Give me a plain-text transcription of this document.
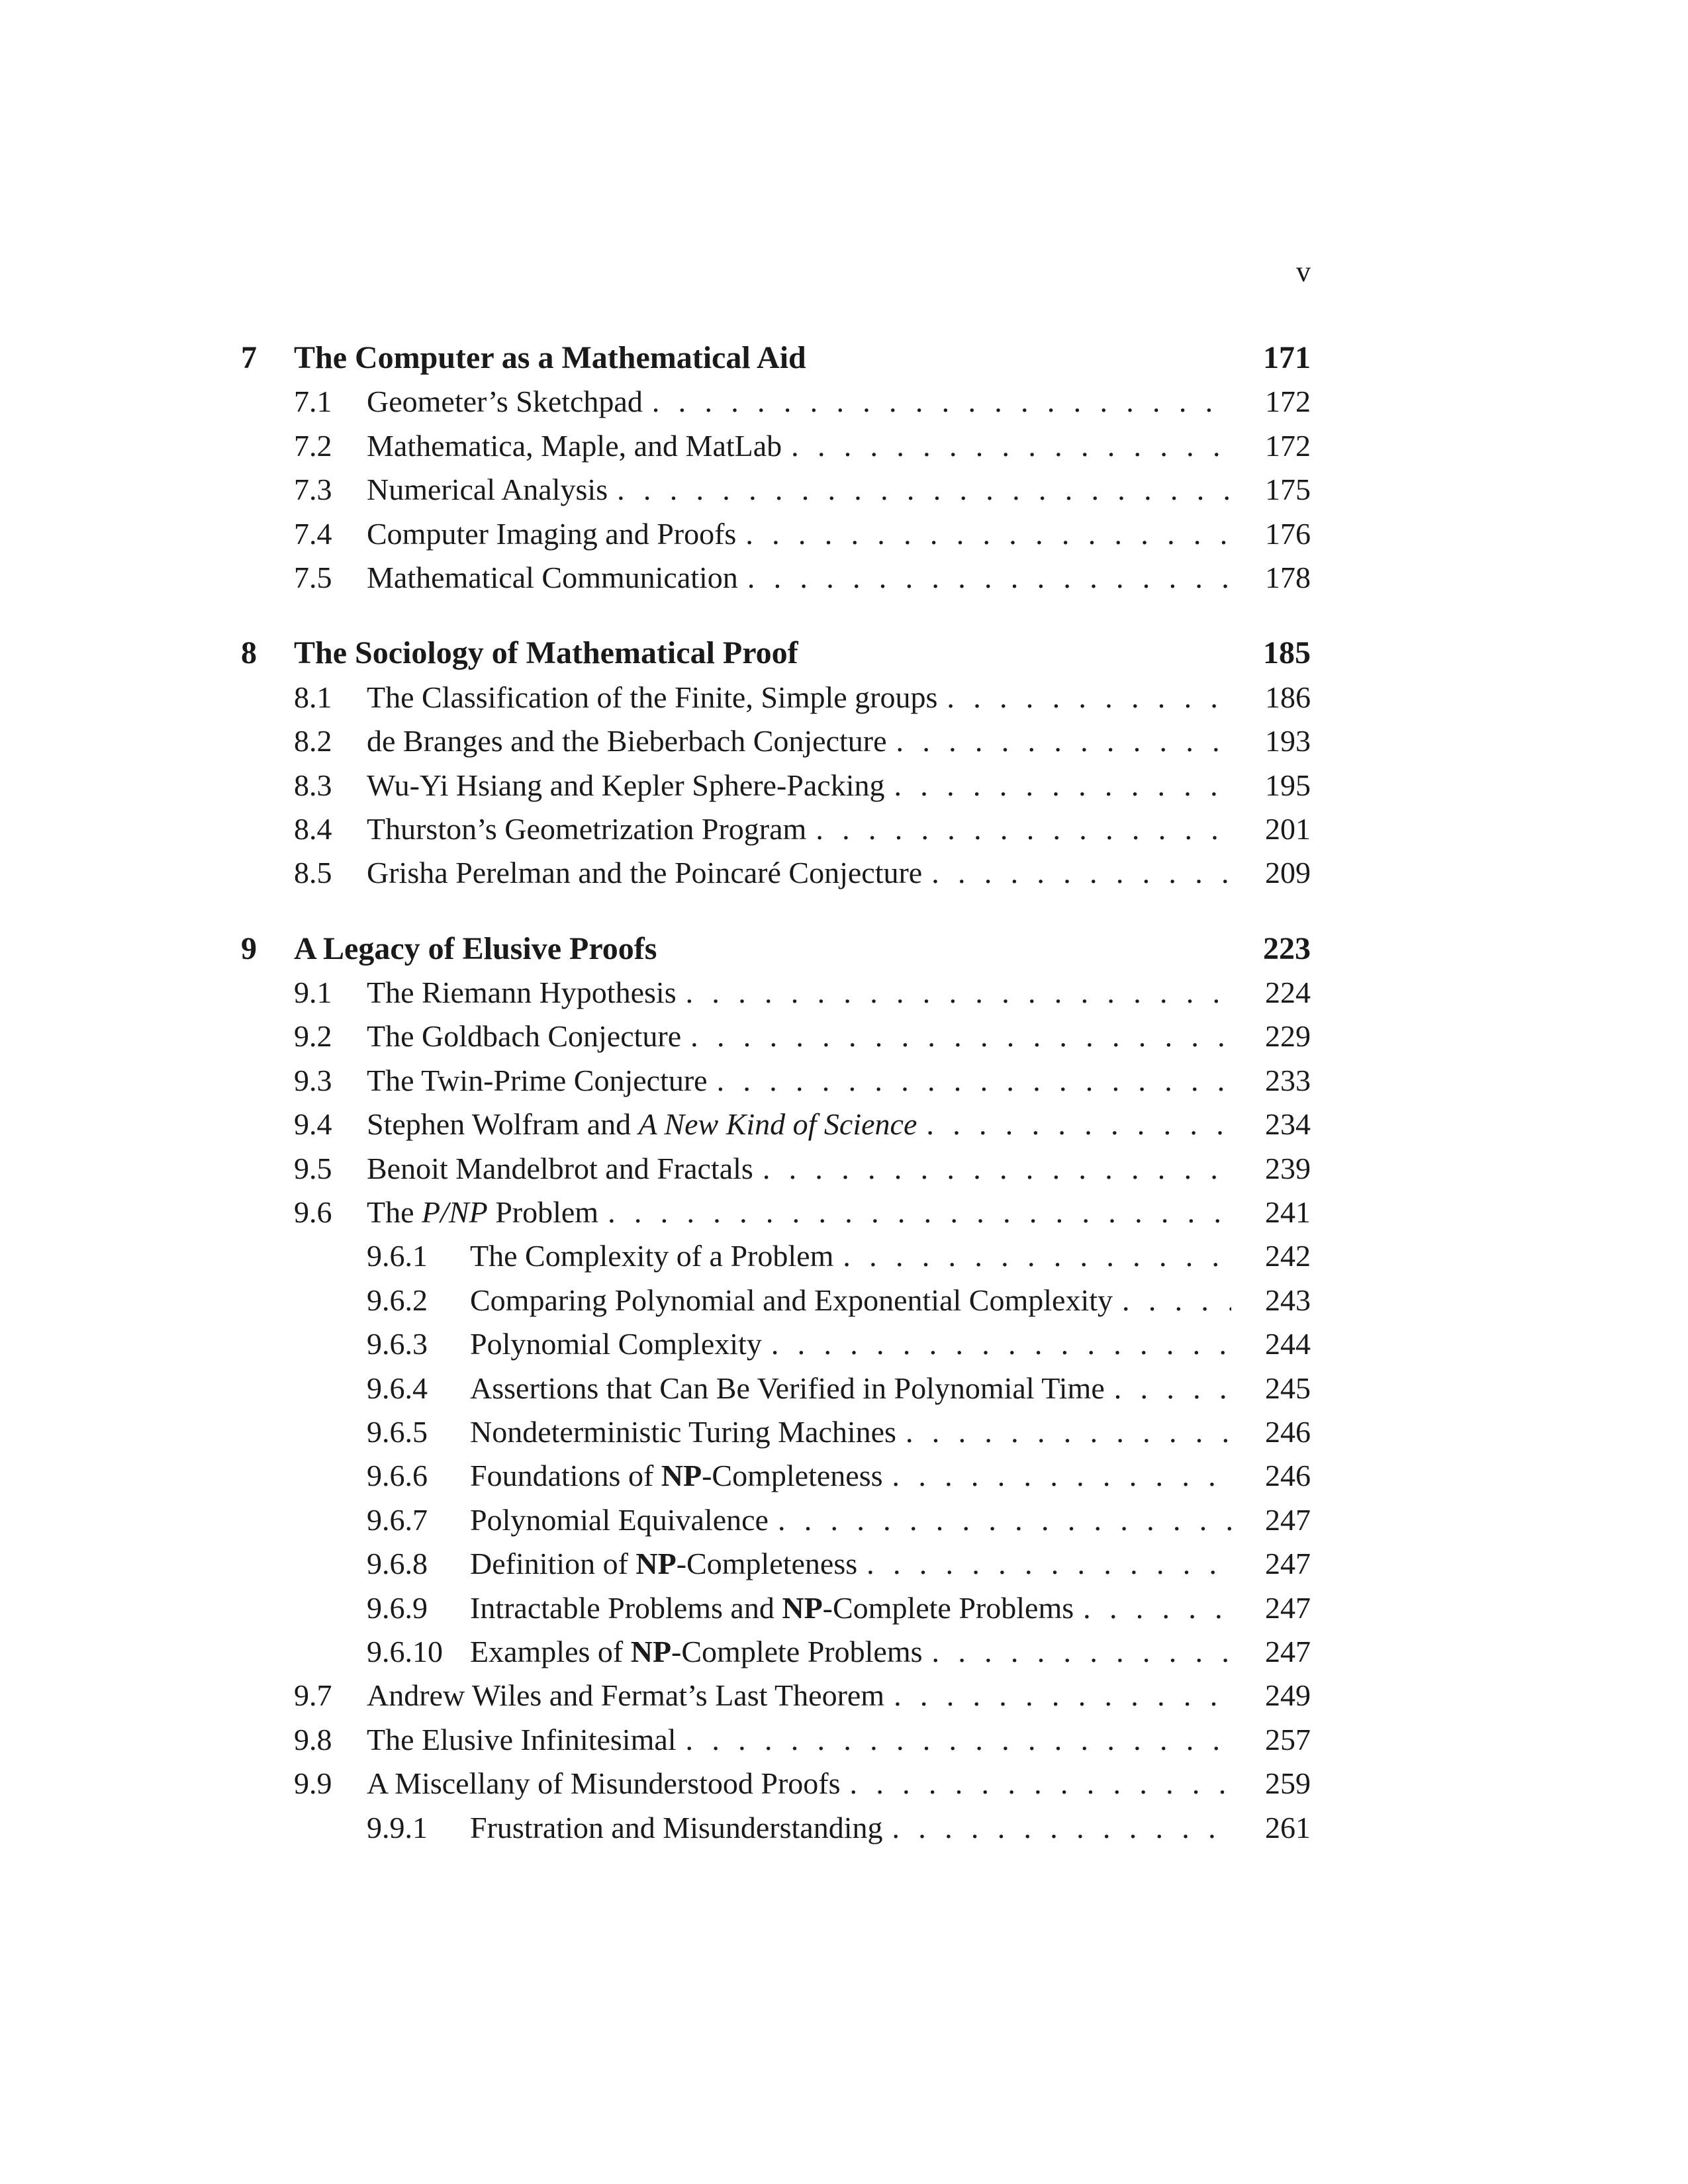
v
7 The Computer as a Mathematical Aid	171
7.1 Geometer’s Sketchpad . . .	172
7.2 Mathematica, Maple, and MatLab . . .	172
7.3 Numerical Analysis . . .	175
7.4 Computer Imaging and Proofs . . .	176
7.5 Mathematical Communication . . .	178
8 The Sociology of Mathematical Proof	185
8.1 The Classification of the Finite, Simple groups . . .	186
8.2 de Branges and the Bieberbach Conjecture . . .	193
8.3 Wu-Yi Hsiang and Kepler Sphere-Packing . . .	195
8.4 Thurston’s Geometrization Program . . .	201
8.5 Grisha Perelman and the Poincaré Conjecture . . .	209
9 A Legacy of Elusive Proofs	223
9.1 The Riemann Hypothesis . . .	224
9.2 The Goldbach Conjecture . . .	229
9.3 The Twin-Prime Conjecture . . .	233
9.4 Stephen Wolfram and A New Kind of Science . . .	234
9.5 Benoit Mandelbrot and Fractals . . .	239
9.6 The P/NP Problem . . .	241
9.6.1 The Complexity of a Problem . . .	242
9.6.2 Comparing Polynomial and Exponential Complexity . . .	243
9.6.3 Polynomial Complexity . . .	244
9.6.4 Assertions that Can Be Verified in Polynomial Time . . .	245
9.6.5 Nondeterministic Turing Machines . . .	246
9.6.6 Foundations of NP-Completeness . . .	246
9.6.7 Polynomial Equivalence . . .	247
9.6.8 Definition of NP-Completeness . . .	247
9.6.9 Intractable Problems and NP-Complete Problems . . .	247
9.6.10 Examples of NP-Complete Problems . . .	247
9.7 Andrew Wiles and Fermat’s Last Theorem . . .	249
9.8 The Elusive Infinitesimal . . .	257
9.9 A Miscellany of Misunderstood Proofs . . .	259
9.9.1 Frustration and Misunderstanding . . .	261
